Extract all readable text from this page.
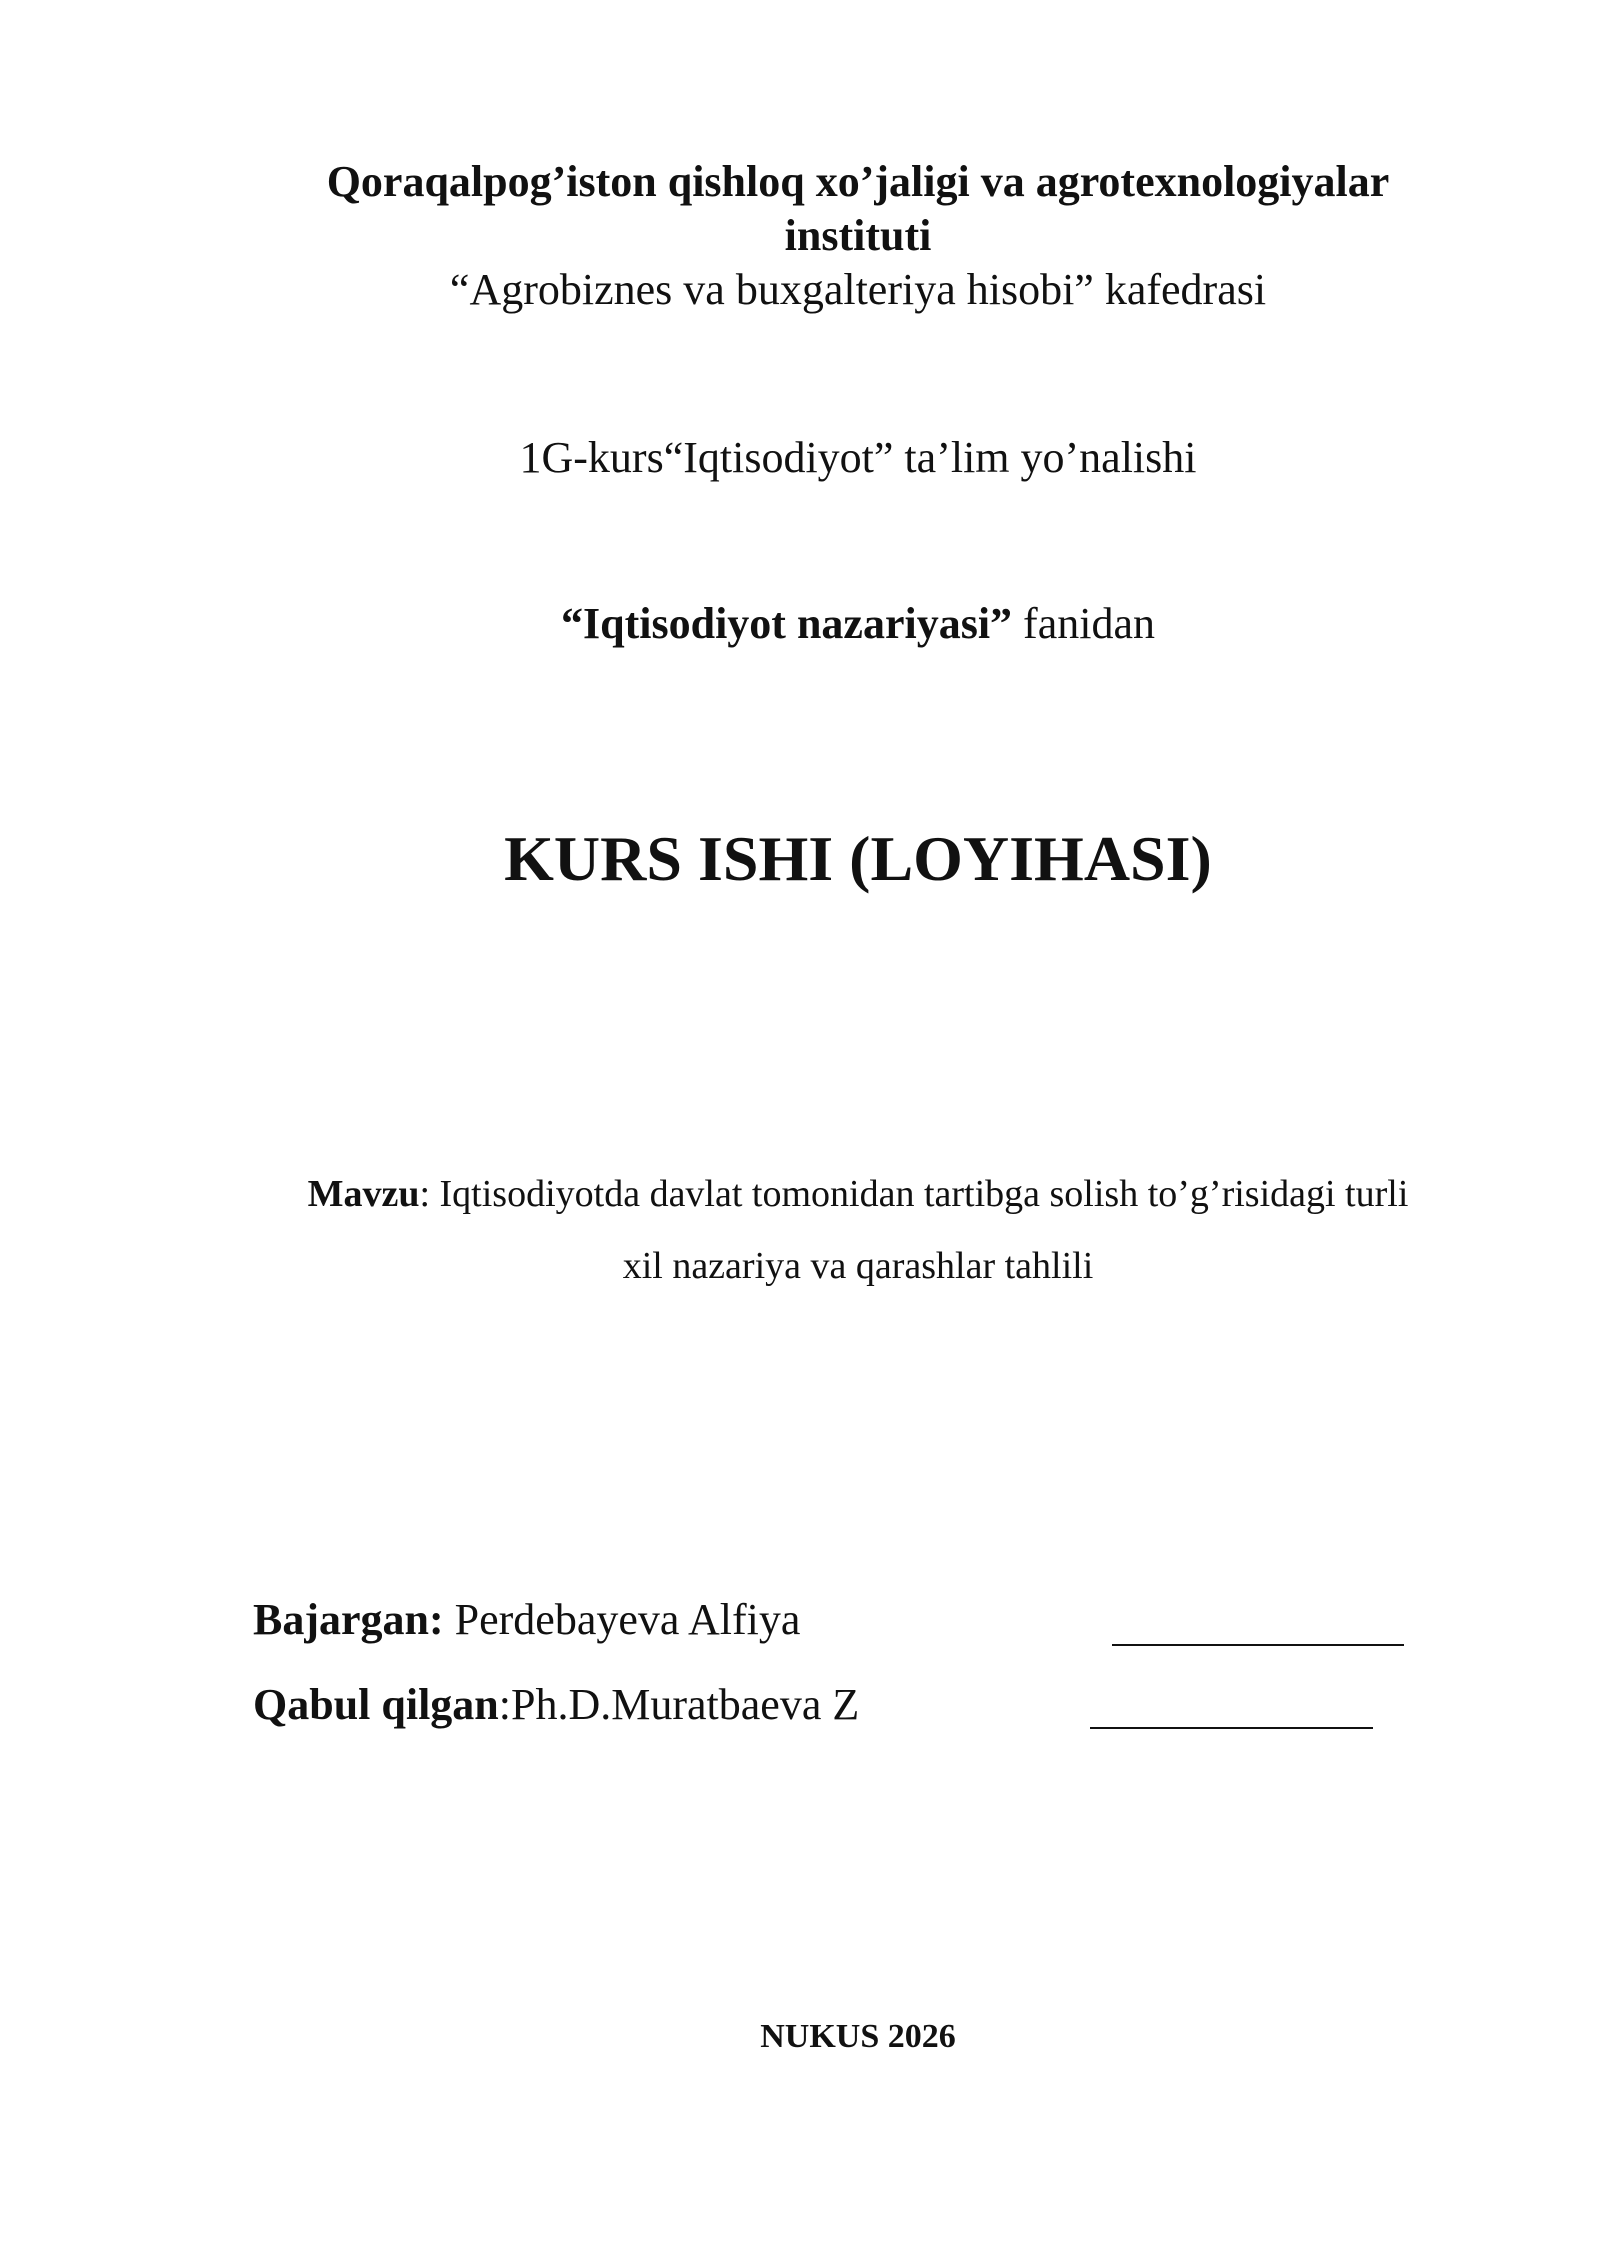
Qoraqalpog’iston qishloq xo’jaligi va agrotexnologiyalar
instituti
“Agrobiznes va buxgalteriya hisobi” kafedrasi
1G-kurs“Iqtisodiyot” ta’lim yo’nalishi
“Iqtisodiyot nazariyasi” fanidan
KURS ISHI (LOYIHASI)
Mavzu: Iqtisodiyotda davlat tomonidan tartibga solish to’g’risidagi turli
xil nazariya va qarashlar tahlili
Bajargan: Perdebayeva Alfiya
Qabul qilgan:Ph.D.Muratbaeva Z
NUKUS 2026
